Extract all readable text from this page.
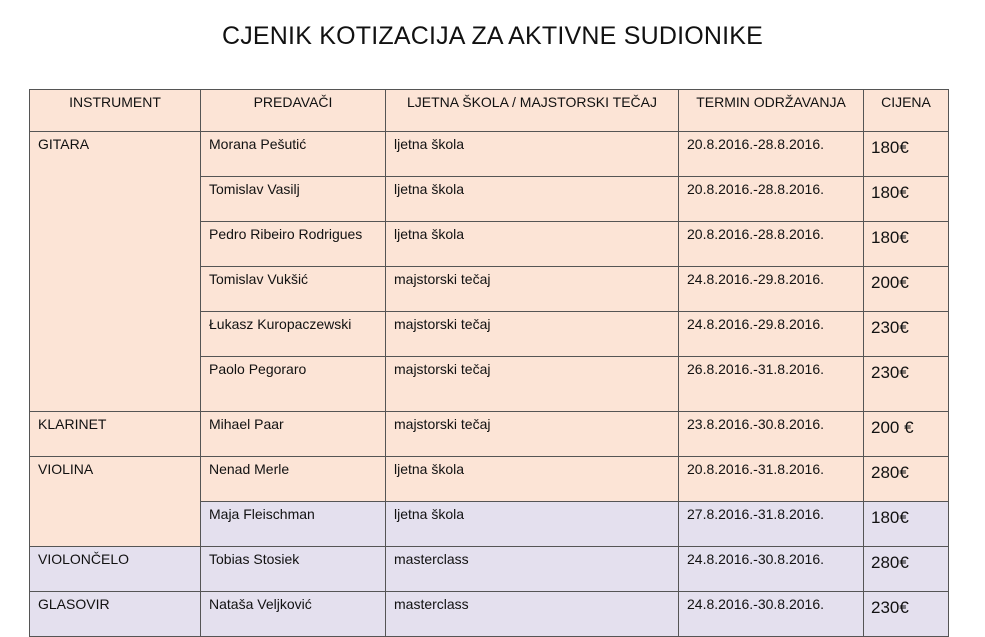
CJENIK KOTIZACIJA ZA AKTIVNE SUDIONIKE
INSTRUMENT	PREDAVAČI	LJETNA ŠKOLA / MAJSTORSKI TEČAJ	TERMIN ODRŽAVANJA	CIJENA
GITARA	Morana Pešutić	ljetna škola	20.8.2016.-28.8.2016.	180€
	Tomislav Vasilj	ljetna škola	20.8.2016.-28.8.2016.	180€
	Pedro Ribeiro Rodrigues	ljetna škola	20.8.2016.-28.8.2016.	180€
	Tomislav Vukšić	majstorski tečaj	24.8.2016.-29.8.2016.	200€
	Łukasz Kuropaczewski	majstorski tečaj	24.8.2016.-29.8.2016.	230€
	Paolo Pegoraro	majstorski tečaj	26.8.2016.-31.8.2016.	230€
KLARINET	Mihael Paar	majstorski tečaj	23.8.2016.-30.8.2016.	200 €
VIOLINA	Nenad Merle	ljetna škola	20.8.2016.-31.8.2016.	280€
	Maja Fleischman	ljetna škola	27.8.2016.-31.8.2016.	180€
VIOLONČELO	Tobias Stosiek	masterclass	24.8.2016.-30.8.2016.	280€
GLASOVIR	Nataša Veljković	masterclass	24.8.2016.-30.8.2016.	230€
